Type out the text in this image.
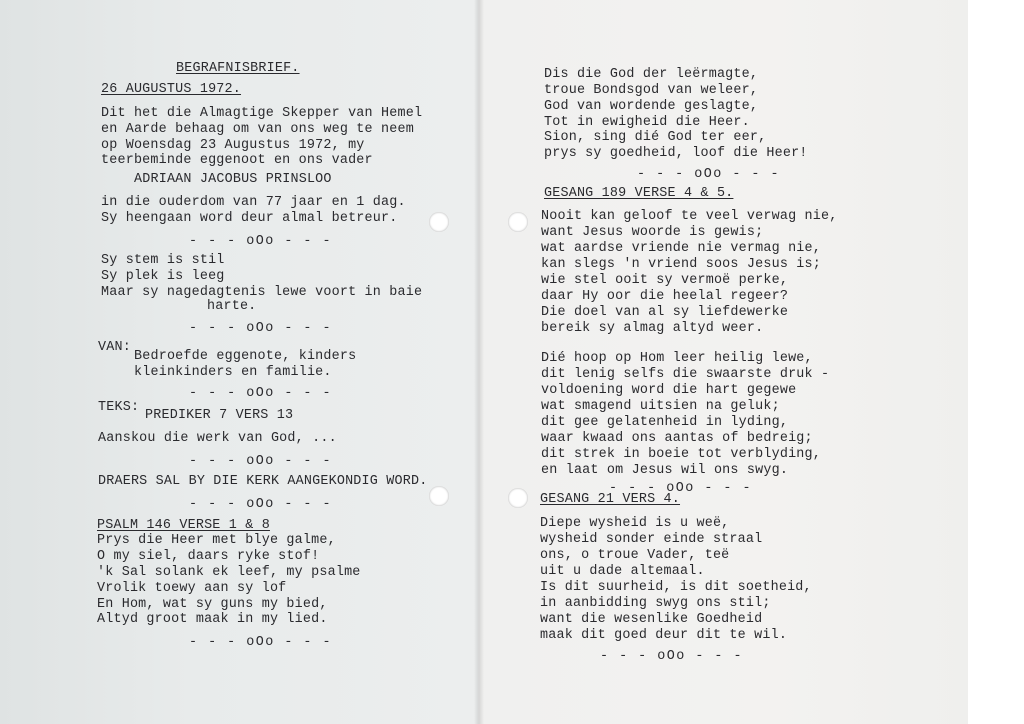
BEGRAFNISBRIEF.
26 AUGUSTUS 1972.
Dit het die Almagtige Skepper van Hemel
en Aarde behaag om van ons weg te neem
op Woensdag 23 Augustus 1972, my
teerbeminde eggenoot en ons vader
ADRIAAN JACOBUS PRINSLOO
in die ouderdom van 77 jaar en 1 dag.
Sy heengaan word deur almal betreur.
- - - oOo - - -
Sy stem is stil
Sy plek is leeg
Maar sy nagedagtenis lewe voort in baie
harte.
- - - oOo - - -
VAN:
Bedroefde eggenote, kinders
kleinkinders en familie.
- - - oOo - - -
TEKS:
PREDIKER 7 VERS 13
Aanskou die werk van God, ...
- - - oOo - - -
DRAERS SAL BY DIE KERK AANGEKONDIG WORD.
- - - oOo - - -
PSALM 146 VERSE 1 & 8
Prys die Heer met blye galme,
O my siel, daars ryke stof!
'k Sal solank ek leef, my psalme
Vrolik toewy aan sy lof
En Hom, wat sy guns my bied,
Altyd groot maak in my lied.
- - - oOo - - -
Dis die God der leërmagte,
troue Bondsgod van weleer,
God van wordende geslagte,
Tot in ewigheid die Heer.
Sion, sing dié God ter eer,
prys sy goedheid, loof die Heer!
- - - oOo - - -
GESANG 189 VERSE 4 & 5.
Nooit kan geloof te veel verwag nie,
want Jesus woorde is gewis;
wat aardse vriende nie vermag nie,
kan slegs 'n vriend soos Jesus is;
wie stel ooit sy vermoë perke,
daar Hy oor die heelal regeer?
Die doel van al sy liefdewerke
bereik sy almag altyd weer.
Dié hoop op Hom leer heilig lewe,
dit lenig selfs die swaarste druk -
voldoening word die hart gegewe
wat smagend uitsien na geluk;
dit gee gelatenheid in lyding,
waar kwaad ons aantas of bedreig;
dit strek in boeie tot verblyding,
en laat om Jesus wil ons swyg.
- - - oOo - - -
GESANG 21 VERS 4.
Diepe wysheid is u weë,
wysheid sonder einde straal
ons, o troue Vader, teë
uit u dade altemaal.
Is dit suurheid, is dit soetheid,
in aanbidding swyg ons stil;
want die wesenlike Goedheid
maak dit goed deur dit te wil.
- - - oOo - - -
